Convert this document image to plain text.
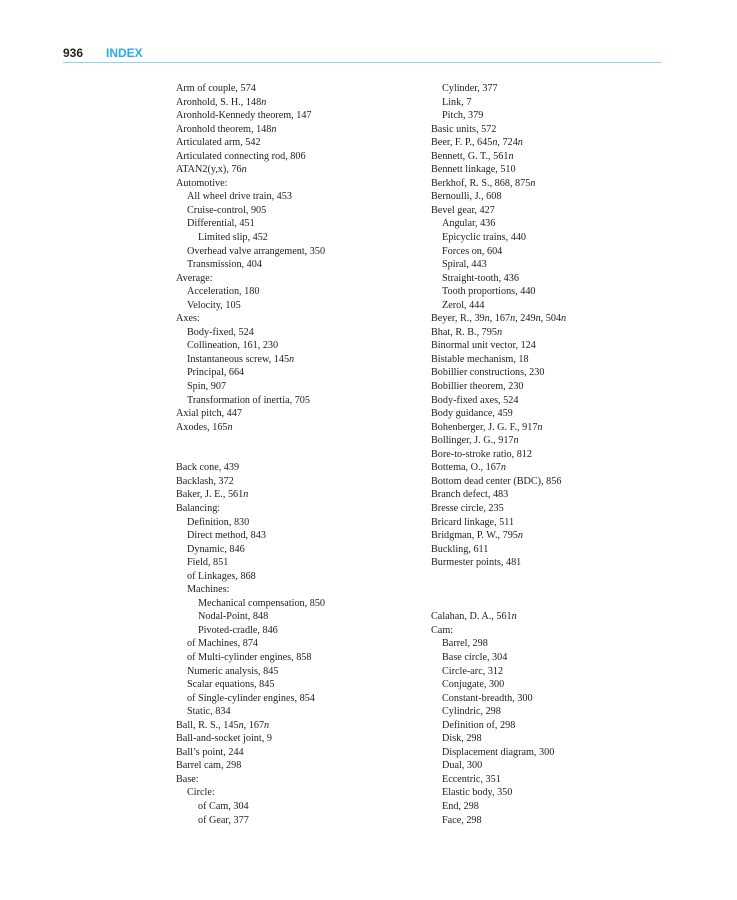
936 INDEX
Arm of couple, 574
Aronhold, S. H., 148n
Aronhold-Kennedy theorem, 147
Aronhold theorem, 148n
Articulated arm, 542
Articulated connecting rod, 806
ATAN2(y,x), 76n
Automotive:
All wheel drive train, 453
Cruise-control, 905
Differential, 451
Limited slip, 452
Overhead valve arrangement, 350
Transmission, 404
Average:
Acceleration, 180
Velocity, 105
Axes:
Body-fixed, 524
Collineation, 161, 230
Instantaneous screw, 145n
Principal, 664
Spin, 907
Transformation of inertia, 705
Axial pitch, 447
Axodes, 165n
Back cone, 439
Backlash, 372
Baker, J. E., 561n
Balancing:
Definition, 830
Direct method, 843
Dynamic, 846
Field, 851
of Linkages, 868
Machines:
Mechanical compensation, 850
Nodal-Point, 848
Pivoted-cradle, 846
of Machines, 874
of Multi-cylinder engines, 858
Numeric analysis, 845
Scalar equations, 845
of Single-cylinder engines, 854
Static, 834
Ball, R. S., 145n, 167n
Ball-and-socket joint, 9
Ball’s point, 244
Barrel cam, 298
Base:
Circle:
of Cam, 304
of Gear, 377
Cylinder, 377
Link, 7
Pitch, 379
Basic units, 572
Beer, F. P., 645n, 724n
Bennett, G. T., 561n
Bennett linkage, 510
Berkhof, R. S., 868, 875n
Bernoulli, J., 608
Bevel gear, 427
Angular, 436
Epicyclic trains, 440
Forces on, 604
Spiral, 443
Straight-tooth, 436
Tooth proportions, 440
Zerol, 444
Beyer, R., 39n, 167n, 249n, 504n
Bhat, R. B., 795n
Binormal unit vector, 124
Bistable mechanism, 18
Bobillier constructions, 230
Bobillier theorem, 230
Body-fixed axes, 524
Body guidance, 459
Bohenberger, J. G. F., 917n
Bollinger, J. G., 917n
Bore-to-stroke ratio, 812
Bottema, O., 167n
Bottom dead center (BDC), 856
Branch defect, 483
Bresse circle, 235
Bricard linkage, 511
Bridgman, P. W., 795n
Buckling, 611
Burmester points, 481
Calahan, D. A., 561n
Cam:
Barrel, 298
Base circle, 304
Circle-arc, 312
Conjugate, 300
Constant-breadth, 300
Cylindric, 298
Definition of, 298
Disk, 298
Displacement diagram, 300
Dual, 300
Eccentric, 351
Elastic body, 350
End, 298
Face, 298
